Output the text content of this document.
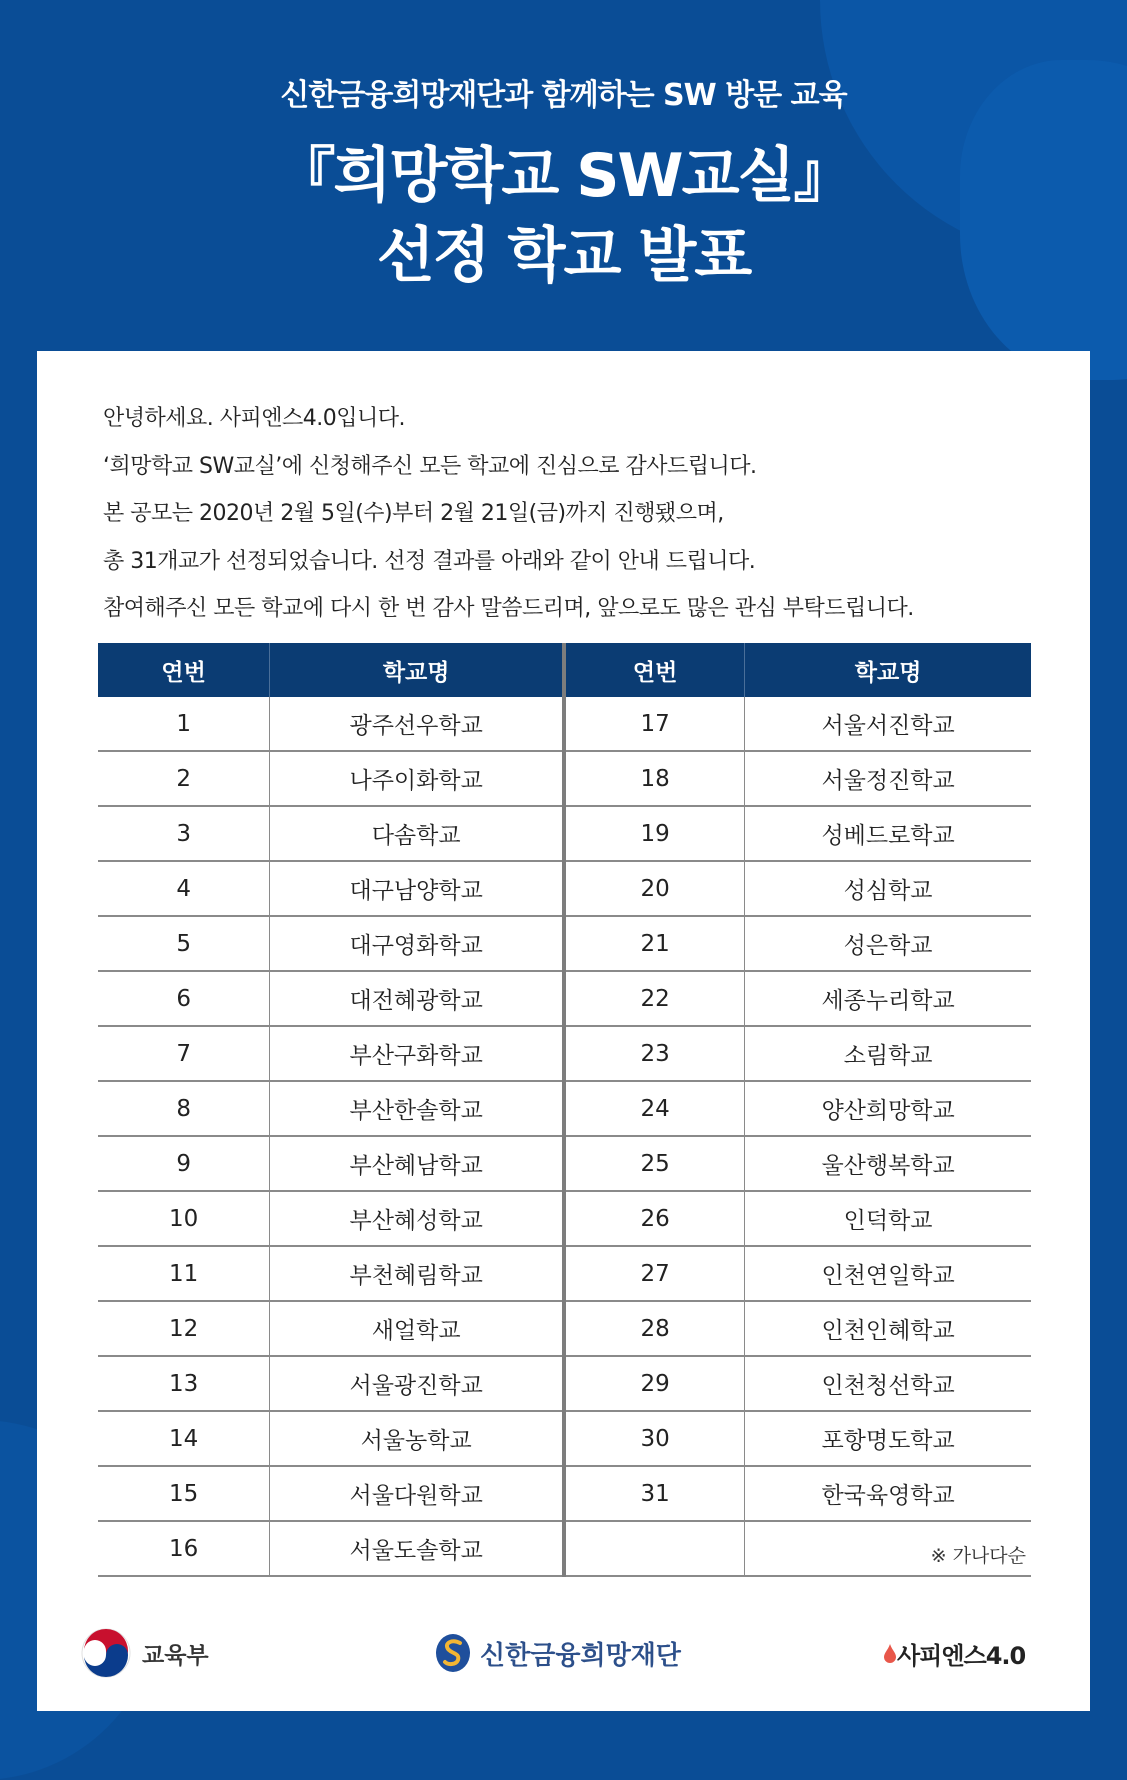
신한금융희망재단과 함께하는 SW 방문 교육

『희망학교 SW교실』
선정 학교 발표

안녕하세요. 사피엔스4.0입니다.

‘희망학교 SW교실’에 신청해주신 모든 학교에 진심으로 감사드립니다.

본 공모는 2020년 2월 5일(수)부터 2월 21일(금)까지 진행됐으며,

총 31개교가 선정되었습니다. 선정 결과를 아래와 같이 안내 드립니다.

참여해주신 모든 학교에 다시 한 번 감사 말씀드리며, 앞으로도 많은 관심 부탁드립니다.

연번	학교명	연번	학교명
1	광주선우학교	17	서울서진학교
2	나주이화학교	18	서울정진학교
3	다솜학교	19	성베드로학교
4	대구남양학교	20	성심학교
5	대구영화학교	21	성은학교
6	대전혜광학교	22	세종누리학교
7	부산구화학교	23	소림학교
8	부산한솔학교	24	양산희망학교
9	부산혜남학교	25	울산행복학교
10	부산혜성학교	26	인덕학교
11	부천혜림학교	27	인천연일학교
12	새얼학교	28	인천인혜학교
13	서울광진학교	29	인천청선학교
14	서울농학교	30	포항명도학교
15	서울다원학교	31	한국육영학교
16	서울도솔학교			※ 가나다순
교육부	신한금융희망재단	사피엔스4.0
